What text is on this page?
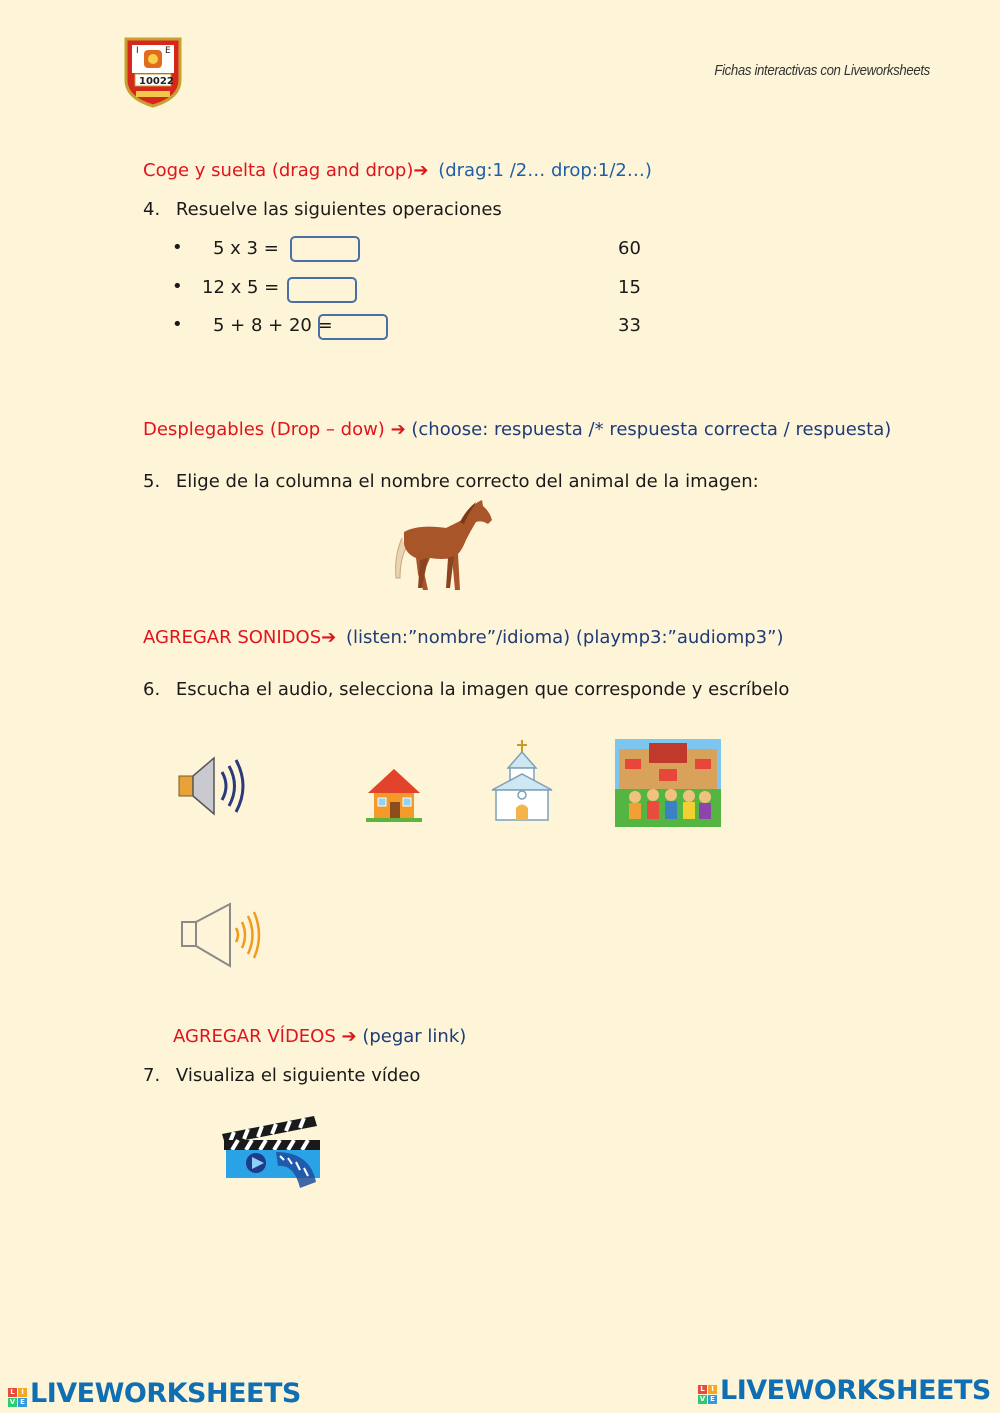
I	E
10022
Fichas interactivas con Liveworksheets
Coge y suelta (drag and drop)➔ (drag:1 /2… drop:1/2…)
4. Resuelve las siguientes operaciones
• 5 x 3 =	60
• 12 x 5 =	15
• 5 + 8 + 20 =	33
Desplegables (Drop – dow) ➔ (choose: respuesta /* respuesta correcta / respuesta)
5. Elige de la columna el nombre correcto del animal de la imagen:
AGREGAR SONIDOS➔ (listen:”nombre”/idioma) (playmp3:”audiomp3”)
6. Escucha el audio, selecciona la imagen que corresponde y escríbelo
AGREGAR VÍDEOS ➔ (pegar link)
7. Visualiza el siguiente vídeo
L I
V E LIVEWORKSHEETS	L I
V E LIVEWORKSHEETS
